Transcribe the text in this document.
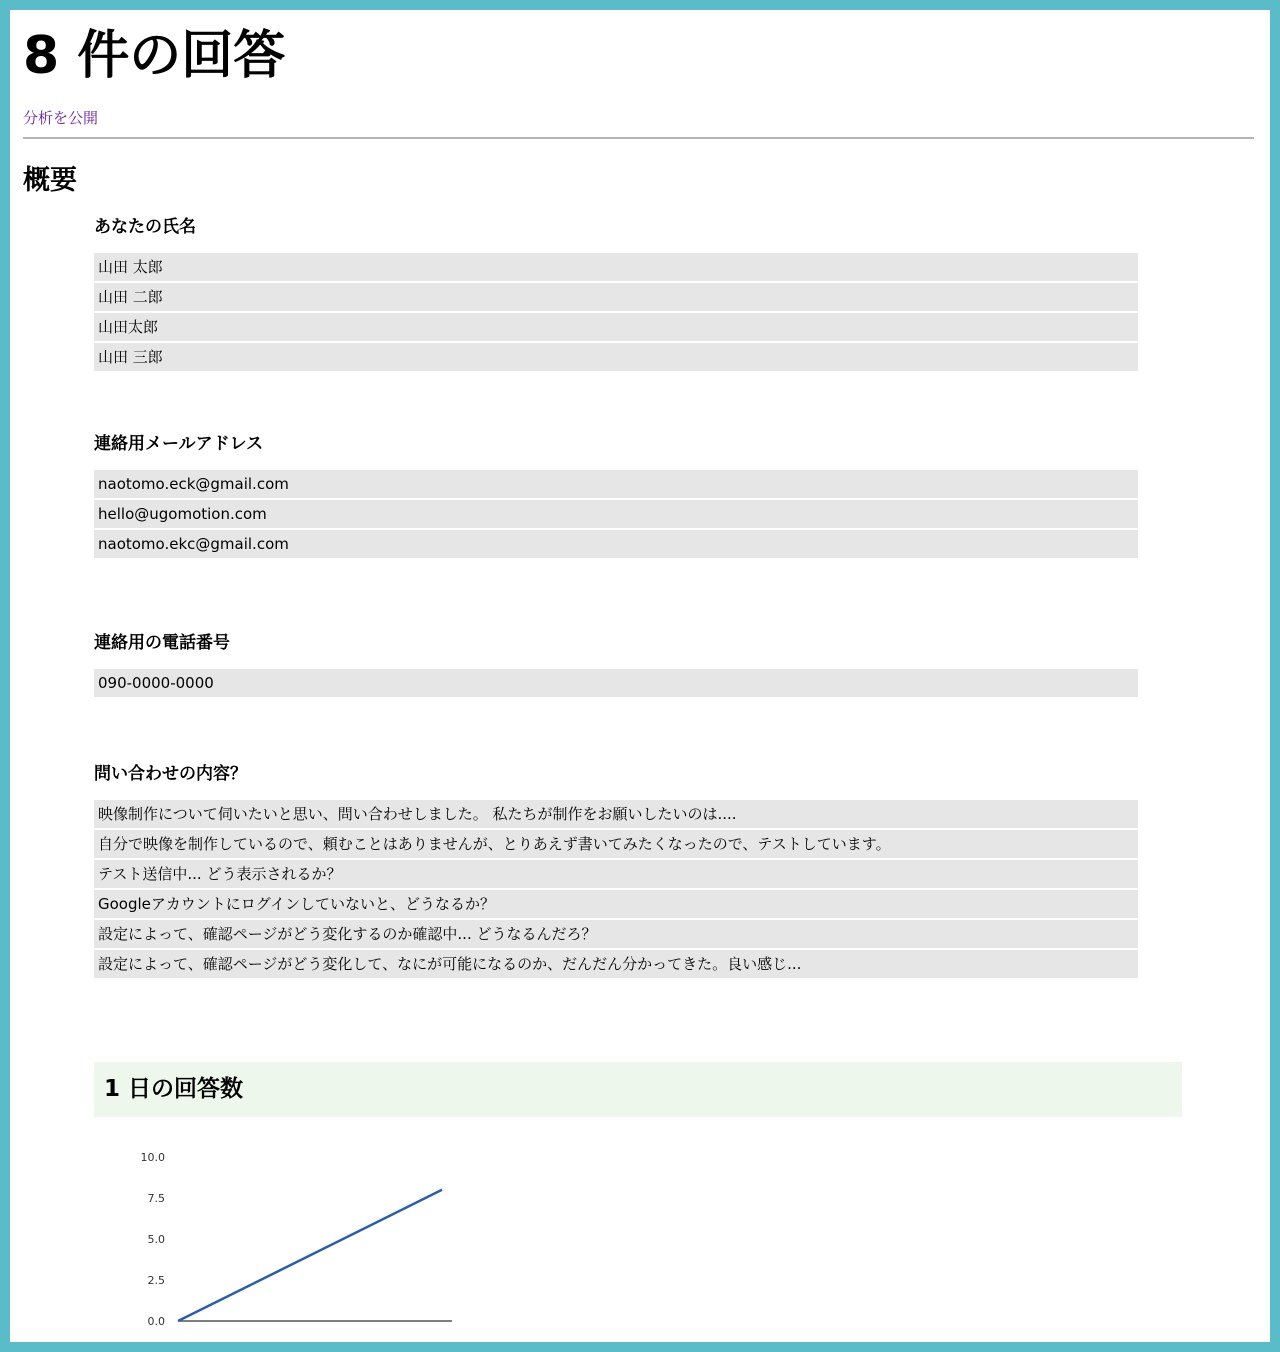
8 件の回答
分析を公開
概要
あなたの氏名
山田 太郎
山田 二郎
山田太郎
山田 三郎
連絡用メールアドレス
naotomo.eck@gmail.com
hello@ugomotion.com
naotomo.ekc@gmail.com
連絡用の電話番号
090-0000-0000
問い合わせの内容？
映像制作について伺いたいと思い、問い合わせしました。 私たちが制作をお願いしたいのは....
自分で映像を制作しているので、頼むことはありませんが、とりあえず書いてみたくなったので、テストしています。
テスト送信中... どう表示されるか？
Googleアカウントにログインしていないと、どうなるか？
設定によって、確認ページがどう変化するのか確認中... どうなるんだろ？
設定によって、確認ページがどう変化して、なにが可能になるのか、だんだん分かってきた。良い感じ...
1 日の回答数
10.0
7.5
5.0
2.5
0.0
